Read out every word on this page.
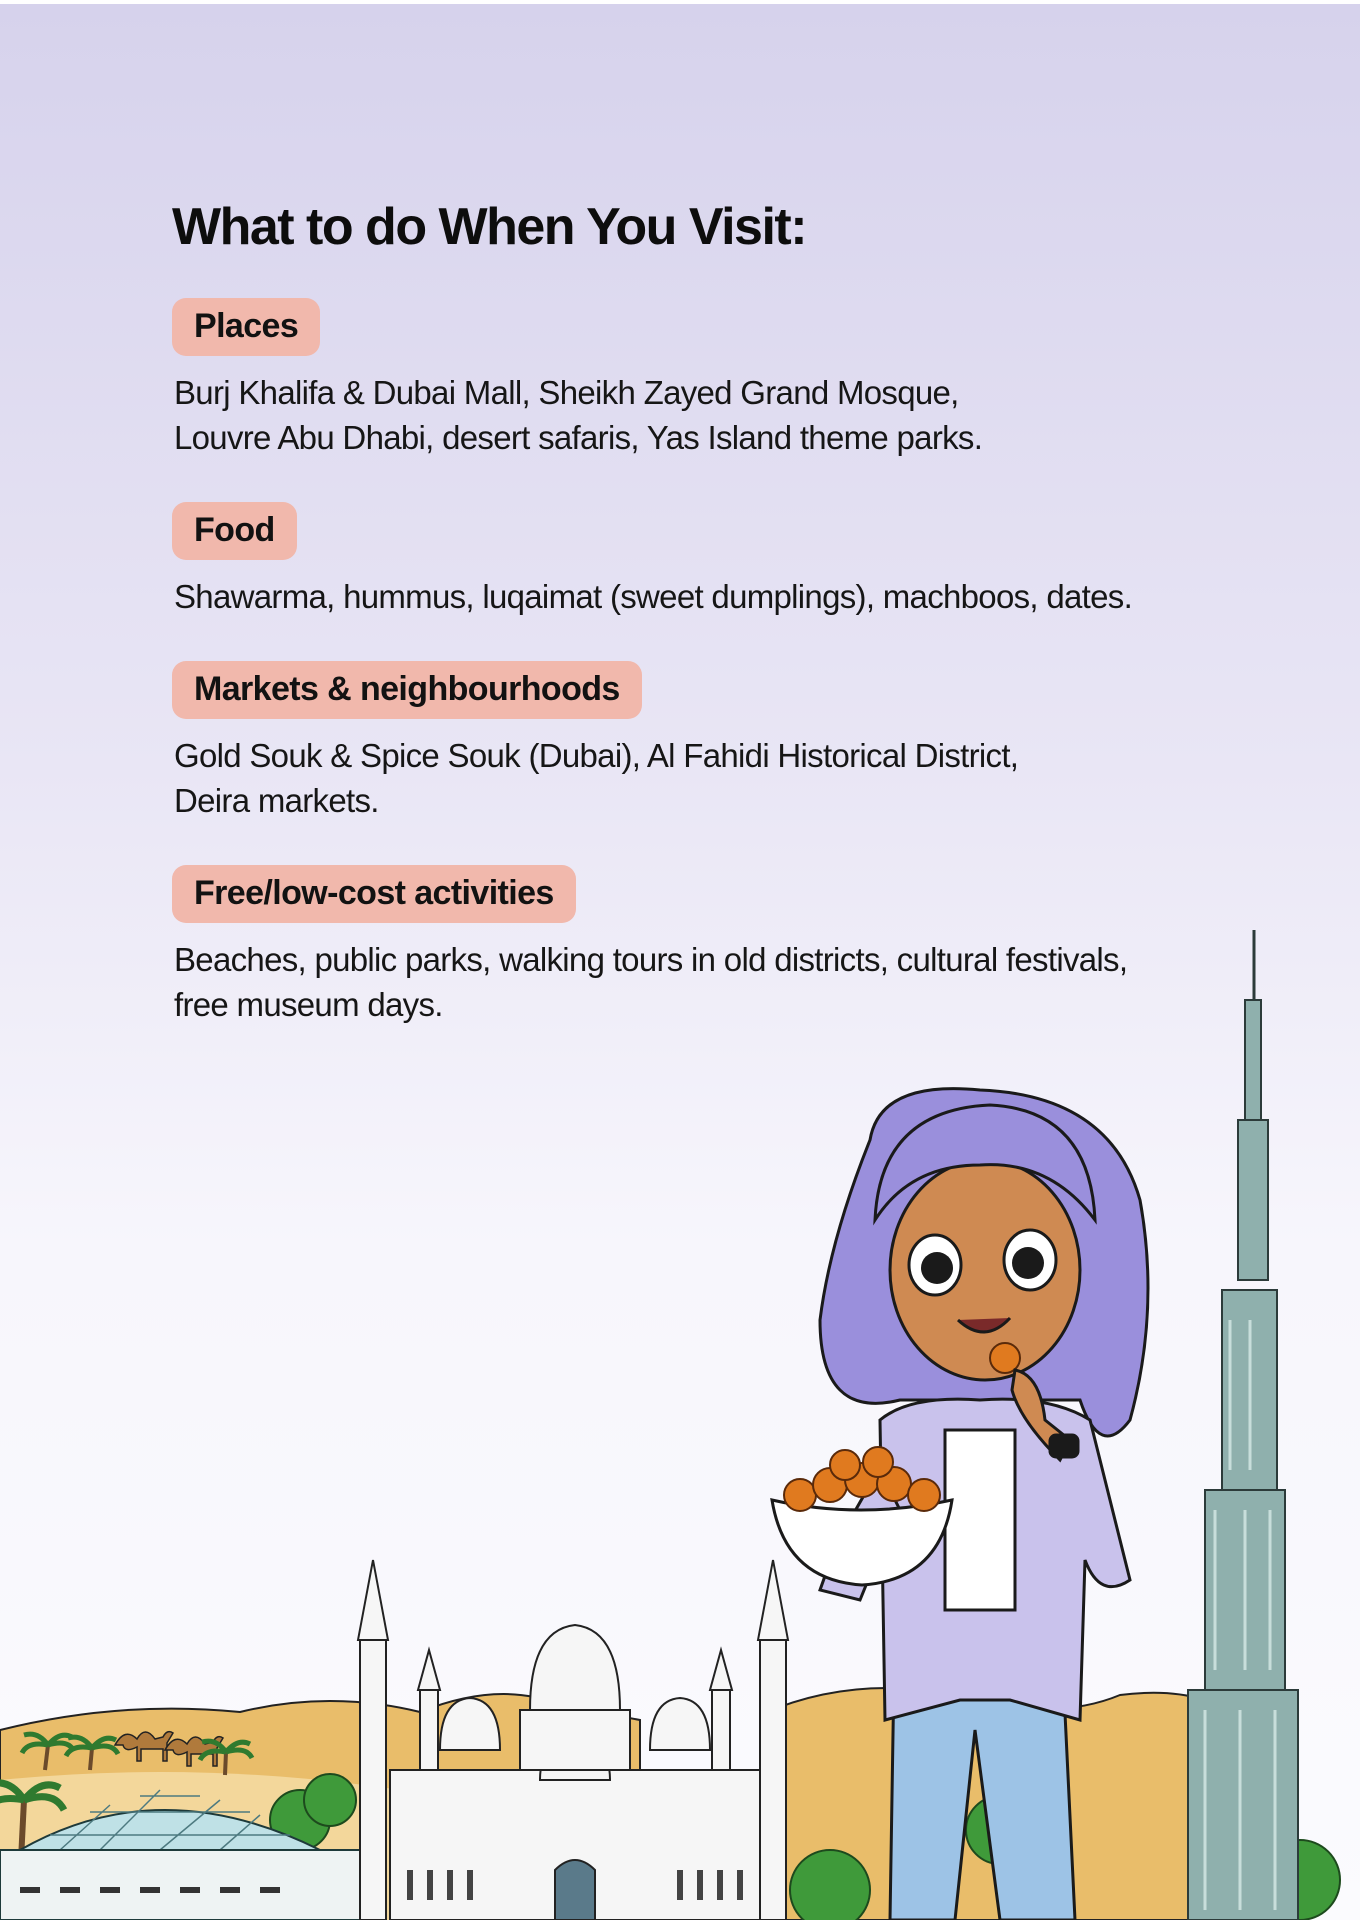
What to do When You Visit:
Places

Burj Khalifa & Dubai Mall, Sheikh Zayed Grand Mosque,
Louvre Abu Dhabi, desert safaris, Yas Island theme parks.

Food

Shawarma, hummus, luqaimat (sweet dumplings), machboos, dates.

Markets & neighbourhoods

Gold Souk & Spice Souk (Dubai), Al Fahidi Historical District,
Deira markets.

Free/low-cost activities

Beaches, public parks, walking tours in old districts, cultural festivals,
free museum days.
